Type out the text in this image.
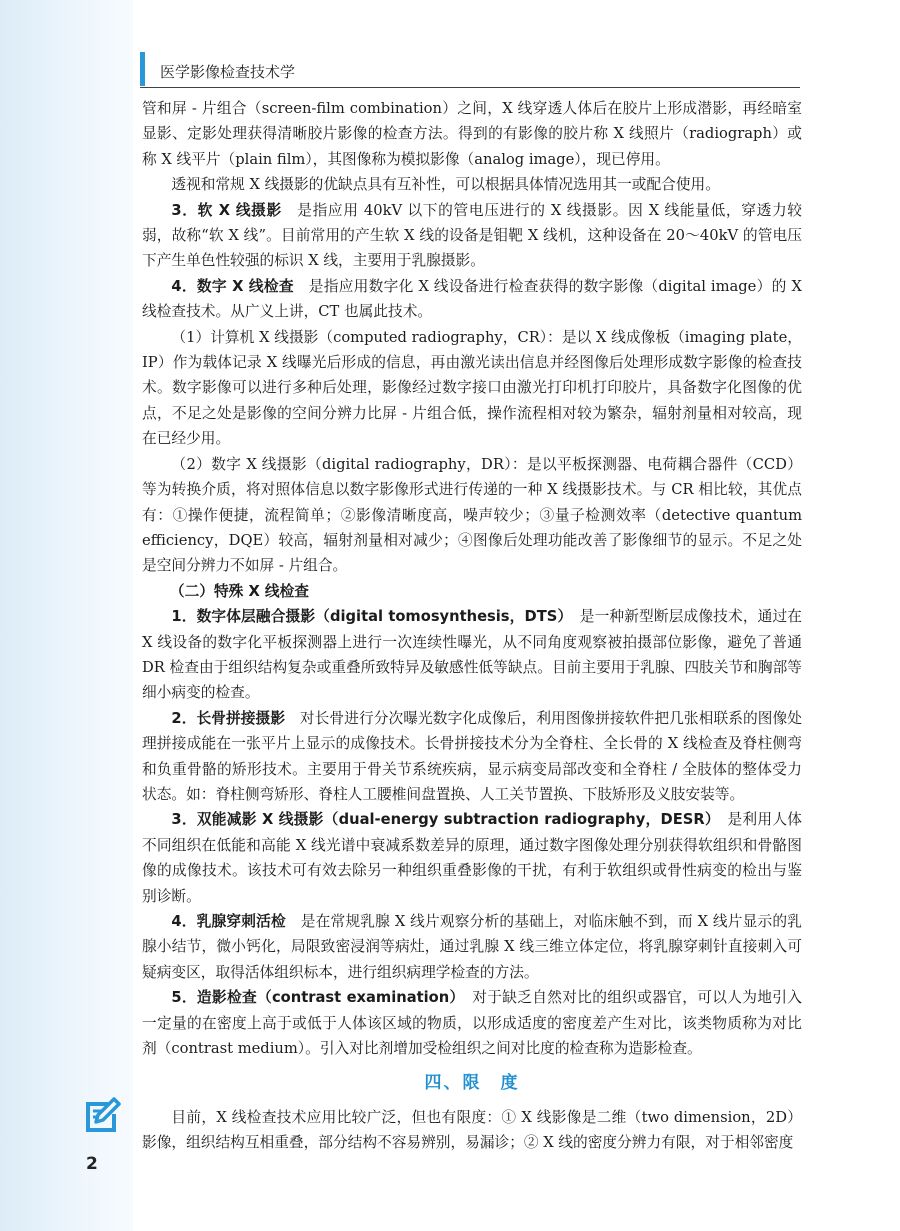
医学影像检查技术学

管和屏 - 片组合（screen-film combination）之间，X 线穿透人体后在胶片上形成潜影，再经暗室显影、定影处理获得清晰胶片影像的检查方法。得到的有影像的胶片称 X 线照片（radiograph）或称 X 线平片（plain film），其图像称为模拟影像（analog image），现已停用。

透视和常规 X 线摄影的优缺点具有互补性，可以根据具体情况选用其一或配合使用。

3．软 X 线摄影　是指应用 40kV 以下的管电压进行的 X 线摄影。因 X 线能量低，穿透力较弱，故称“软 X 线”。目前常用的产生软 X 线的设备是钼靶 X 线机，这种设备在 20～40kV 的管电压下产生单色性较强的标识 X 线，主要用于乳腺摄影。

4．数字 X 线检查　是指应用数字化 X 线设备进行检查获得的数字影像（digital image）的 X 线检查技术。从广义上讲，CT 也属此技术。

（1）计算机 X 线摄影（computed radiography，CR）：是以 X 线成像板（imaging plate，IP）作为载体记录 X 线曝光后形成的信息，再由激光读出信息并经图像后处理形成数字影像的检查技术。数字影像可以进行多种后处理，影像经过数字接口由激光打印机打印胶片，具备数字化图像的优点，不足之处是影像的空间分辨力比屏 - 片组合低，操作流程相对较为繁杂，辐射剂量相对较高，现在已经少用。

（2）数字 X 线摄影（digital radiography，DR）：是以平板探测器、电荷耦合器件（CCD）等为转换介质，将对照体信息以数字影像形式进行传递的一种 X 线摄影技术。与 CR 相比较，其优点有：①操作便捷，流程简单；②影像清晰度高，噪声较少；③量子检测效率（detective quantum efficiency，DQE）较高，辐射剂量相对减少；④图像后处理功能改善了影像细节的显示。不足之处是空间分辨力不如屏 - 片组合。

（二）特殊 X 线检查

1．数字体层融合摄影（digital tomosynthesis，DTS）　是一种新型断层成像技术，通过在 X 线设备的数字化平板探测器上进行一次连续性曝光，从不同角度观察被拍摄部位影像，避免了普通 DR 检查由于组织结构复杂或重叠所致特异及敏感性低等缺点。目前主要用于乳腺、四肢关节和胸部等细小病变的检查。

2．长骨拼接摄影　对长骨进行分次曝光数字化成像后，利用图像拼接软件把几张相联系的图像处理拼接成能在一张平片上显示的成像技术。长骨拼接技术分为全脊柱、全长骨的 X 线检查及脊柱侧弯和负重骨骼的矫形技术。主要用于骨关节系统疾病，显示病变局部改变和全脊柱 / 全肢体的整体受力状态。如：脊柱侧弯矫形、脊柱人工腰椎间盘置换、人工关节置换、下肢矫形及义肢安装等。

3．双能减影 X 线摄影（dual-energy subtraction radiography，DESR）　是利用人体不同组织在低能和高能 X 线光谱中衰减系数差异的原理，通过数字图像处理分别获得软组织和骨骼图像的成像技术。该技术可有效去除另一种组织重叠影像的干扰，有利于软组织或骨性病变的检出与鉴别诊断。

4．乳腺穿刺活检　是在常规乳腺 X 线片观察分析的基础上，对临床触不到，而 X 线片显示的乳腺小结节，微小钙化，局限致密浸润等病灶，通过乳腺 X 线三维立体定位，将乳腺穿刺针直接刺入可疑病变区，取得活体组织标本，进行组织病理学检查的方法。

5．造影检查（contrast examination）　对于缺乏自然对比的组织或器官，可以人为地引入一定量的在密度上高于或低于人体该区域的物质，以形成适度的密度差产生对比，该类物质称为对比剂（contrast medium）。引入对比剂增加受检组织之间对比度的检查称为造影检查。

四、限　度

目前，X 线检查技术应用比较广泛，但也有限度：① X 线影像是二维（two dimension，2D）影像，组织结构互相重叠，部分结构不容易辨别，易漏诊；② X 线的密度分辨力有限，对于相邻密度

2
